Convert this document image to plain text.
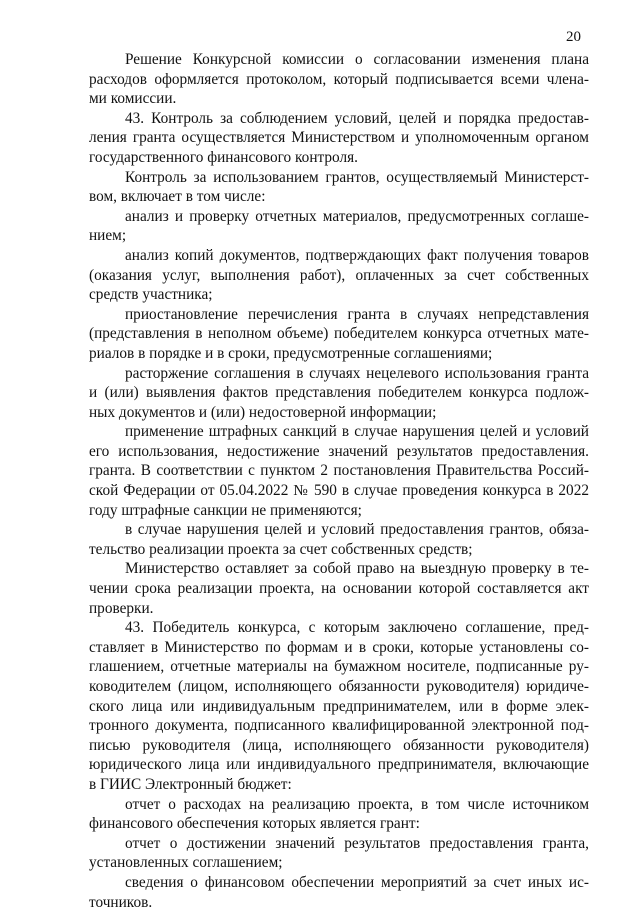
20
Решение Конкурсной комиссии о согласовании изменения плана
расходов оформляется протоколом, который подписывается всеми члена-
ми комиссии.
43. Контроль за соблюдением условий, целей и порядка предостав-
ления гранта осуществляется Министерством и уполномоченным органом
государственного финансового контроля.
Контроль за использованием грантов, осуществляемый Министерст-
вом, включает в том числе:
анализ и проверку отчетных материалов, предусмотренных соглаше-
нием;
анализ копий документов, подтверждающих факт получения товаров
(оказания услуг, выполнения работ), оплаченных за счет собственных
средств участника;
приостановление перечисления гранта в случаях непредставления
(представления в неполном объеме) победителем конкурса отчетных мате-
риалов в порядке и в сроки, предусмотренные соглашениями;
расторжение соглашения в случаях нецелевого использования гранта
и (или) выявления фактов представления победителем конкурса подлож-
ных документов и (или) недостоверной информации;
применение штрафных санкций в случае нарушения целей и условий
его использования, недостижение значений результатов предоставления.
гранта. В соответствии с пунктом 2 постановления Правительства Россий-
ской Федерации от 05.04.2022 № 590 в случае проведения конкурса в 2022
году штрафные санкции не применяются;
в случае нарушения целей и условий предоставления грантов, обяза-
тельство реализации проекта за счет собственных средств;
Министерство оставляет за собой право на выездную проверку в те-
чении срока реализации проекта, на основании которой составляется акт
проверки.
43. Победитель конкурса, с которым заключено соглашение, пред-
ставляет в Министерство по формам и в сроки, которые установлены со-
глашением, отчетные материалы на бумажном носителе, подписанные ру-
ководителем (лицом, исполняющего обязанности руководителя) юридиче-
ского лица или индивидуальным предпринимателем, или в форме элек-
тронного документа, подписанного квалифицированной электронной под-
писью руководителя (лица, исполняющего обязанности руководителя)
юридического лица или индивидуального предпринимателя, включающие
в ГИИС Электронный бюджет:
отчет о расходах на реализацию проекта, в том числе источником
финансового обеспечения которых является грант:
отчет о достижении значений результатов предоставления гранта,
установленных соглашением;
сведения о финансовом обеспечении мероприятий за счет иных ис-
точников.
